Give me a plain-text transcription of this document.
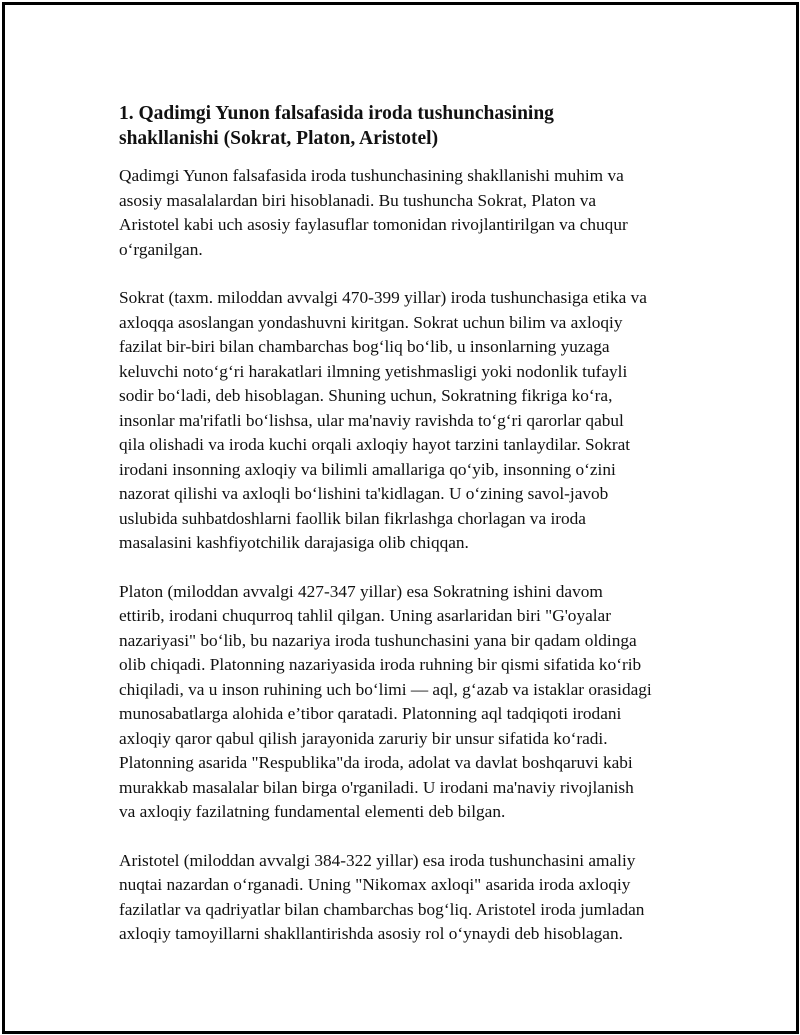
1. Qadimgi Yunon falsafasida iroda tushunchasining
shakllanishi (Sokrat, Platon, Aristotel)

Qadimgi Yunon falsafasida iroda tushunchasining shakllanishi muhim va
asosiy masalalardan biri hisoblanadi. Bu tushuncha Sokrat, Platon va
Aristotel kabi uch asosiy faylasuflar tomonidan rivojlantirilgan va chuqur
o‘rganilgan.

Sokrat (taxm. miloddan avvalgi 470-399 yillar) iroda tushunchasiga etika va
axloqqa asoslangan yondashuvni kiritgan. Sokrat uchun bilim va axloqiy
fazilat bir-biri bilan chambarchas bog‘liq bo‘lib, u insonlarning yuzaga
keluvchi noto‘g‘ri harakatlari ilmning yetishmasligi yoki nodonlik tufayli
sodir bo‘ladi, deb hisoblagan. Shuning uchun, Sokratning fikriga ko‘ra,
insonlar ma'rifatli bo‘lishsa, ular ma'naviy ravishda to‘g‘ri qarorlar qabul
qila olishadi va iroda kuchi orqali axloqiy hayot tarzini tanlaydilar. Sokrat
irodani insonning axloqiy va bilimli amallariga qo‘yib, insonning o‘zini
nazorat qilishi va axloqli bo‘lishini ta'kidlagan. U o‘zining savol-javob
uslubida suhbatdoshlarni faollik bilan fikrlashga chorlagan va iroda
masalasini kashfiyotchilik darajasiga olib chiqqan.

Platon (miloddan avvalgi 427-347 yillar) esa Sokratning ishini davom
ettirib, irodani chuqurroq tahlil qilgan. Uning asarlaridan biri "G'oyalar
nazariyasi" bo‘lib, bu nazariya iroda tushunchasini yana bir qadam oldinga
olib chiqadi. Platonning nazariyasida iroda ruhning bir qismi sifatida ko‘rib
chiqiladi, va u inson ruhining uch bo‘limi — aql, g‘azab va istaklar orasidagi
munosabatlarga alohida e’tibor qaratadi. Platonning aql tadqiqoti irodani
axloqiy qaror qabul qilish jarayonida zaruriy bir unsur sifatida ko‘radi.
Platonning asarida "Respublika"da iroda, adolat va davlat boshqaruvi kabi
murakkab masalalar bilan birga o'rganiladi. U irodani ma'naviy rivojlanish
va axloqiy fazilatning fundamental elementi deb bilgan.

Aristotel (miloddan avvalgi 384-322 yillar) esa iroda tushunchasini amaliy
nuqtai nazardan o‘rganadi. Uning "Nikomax axloqi" asarida iroda axloqiy
fazilatlar va qadriyatlar bilan chambarchas bog‘liq. Aristotel iroda jumladan
axloqiy tamoyillarni shakllantirishda asosiy rol o‘ynaydi deb hisoblagan.
